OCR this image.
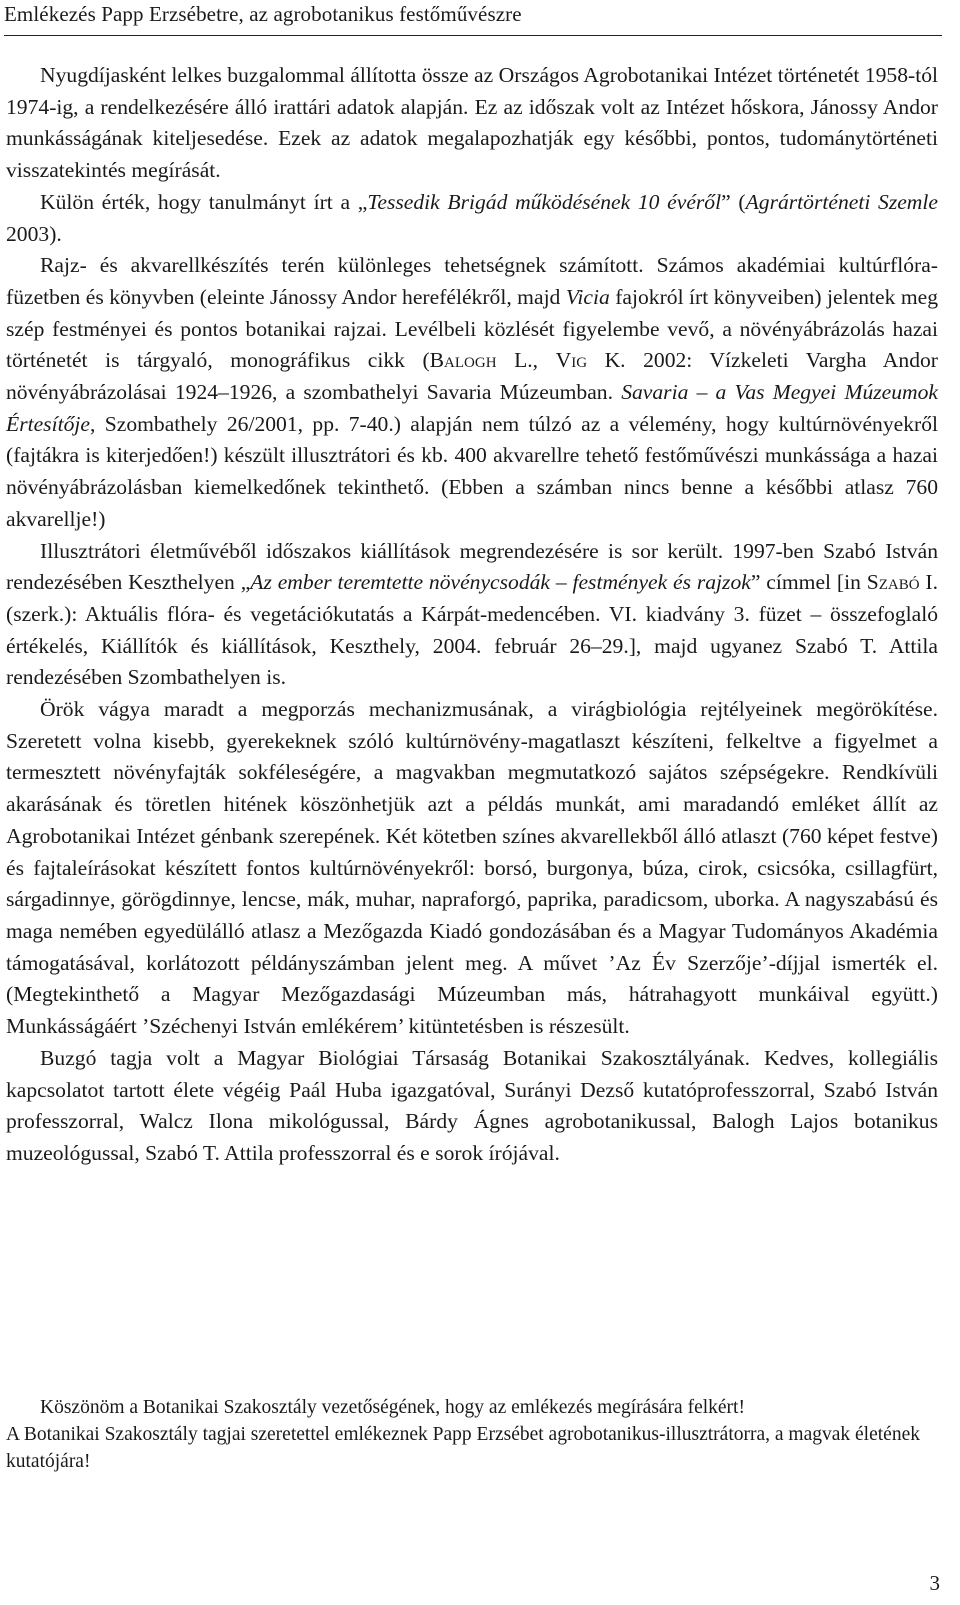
Emlékezés Papp Erzsébetre, az agrobotanikus festőművészre

Nyugdíjasként lelkes buzgalommal állította össze az Országos Agrobotanikai Intézet történetét 1958-tól 1974-ig, a rendelkezésére álló irattári adatok alapján. Ez az időszak volt az Intézet hőskora, Jánossy Andor munkásságának kiteljesedése. Ezek az adatok megalapozhatják egy későbbi, pontos, tudománytörténeti visszatekintés megírását.

Külön érték, hogy tanulmányt írt a „Tessedik Brigád működésének 10 évéről” (Agrártörténeti Szemle 2003).

Rajz- és akvarellkészítés terén különleges tehetségnek számított. Számos akadémiai kultúrflóra-füzetben és könyvben (eleinte Jánossy Andor herefélékről, majd Vicia fajokról írt könyveiben) jelentek meg szép festményei és pontos botanikai rajzai. Levélbeli közlését figyelembe vevő, a növényábrázolás hazai történetét is tárgyaló, monográfikus cikk (Balogh L., Vig K. 2002: Vízkeleti Vargha Andor növényábrázolásai 1924–1926, a szombathelyi Savaria Múzeumban. Savaria – a Vas Megyei Múzeumok Értesítője, Szombathely 26/2001, pp. 7-40.) alapján nem túlzó az a vélemény, hogy kultúrnövényekről (fajtákra is kiterjedően!) készült illusztrátori és kb. 400 akvarellre tehető festőművészi munkássága a hazai növényábrázolásban kiemelkedőnek tekinthető. (Ebben a számban nincs benne a későbbi atlasz 760 akvarellje!)

Illusztrátori életművéből időszakos kiállítások megrendezésére is sor került. 1997-ben Szabó István rendezésében Keszthelyen „Az ember teremtette növénycsodák – festmények és rajzok” címmel [in Szabó I. (szerk.): Aktuális flóra- és vegetációkutatás a Kárpát-medencében. VI. kiadvány 3. füzet – összefoglaló értékelés, Kiállítók és kiállítások, Keszthely, 2004. február 26–29.], majd ugyanez Szabó T. Attila rendezésében Szombathelyen is.

Örök vágya maradt a megporzás mechanizmusának, a virágbiológia rejtélyeinek megörökítése. Szeretett volna kisebb, gyerekeknek szóló kultúrnövény-magatlaszt készíteni, felkeltve a figyelmet a termesztett növényfajták sokféleségére, a magvakban megmutatkozó sajátos szépségekre. Rendkívüli akarásának és töretlen hitének köszönhetjük azt a példás munkát, ami maradandó emléket állít az Agrobotanikai Intézet génbank szerepének. Két kötetben színes akvarellekből álló atlaszt (760 képet festve) és fajtaleírásokat készített fontos kultúrnövényekről: borsó, burgonya, búza, cirok, csicsóka, csillagfürt, sárgadinnye, görögdinnye, lencse, mák, muhar, napraforgó, paprika, paradicsom, uborka. A nagyszabású és maga nemében egyedülálló atlasz a Mezőgazda Kiadó gondozásában és a Magyar Tudományos Akadémia támogatásával, korlátozott példányszámban jelent meg. A művet ’Az Év Szerzője’-díjjal ismerték el. (Megtekinthető a Magyar Mezőgazdasági Múzeumban más, hátrahagyott munkáival együtt.) Munkásságáért ’Széchenyi István emlékérem’ kitüntetésben is részesült.

Buzgó tagja volt a Magyar Biológiai Társaság Botanikai Szakosztályának. Kedves, kollegiális kapcsolatot tartott élete végéig Paál Huba igazgatóval, Surányi Dezső kutatóprofesszorral, Szabó István professzorral, Walcz Ilona mikológussal, Bárdy Ágnes agrobotanikussal, Balogh Lajos botanikus muzeológussal, Szabó T. Attila professzorral és e sorok írójával.

Köszönöm a Botanikai Szakosztály vezetőségének, hogy az emlékezés megírására felkért!

A Botanikai Szakosztály tagjai szeretettel emlékeznek Papp Erzsébet agrobotanikus-illusztrátorra, a magvak életének kutatójára!

3
